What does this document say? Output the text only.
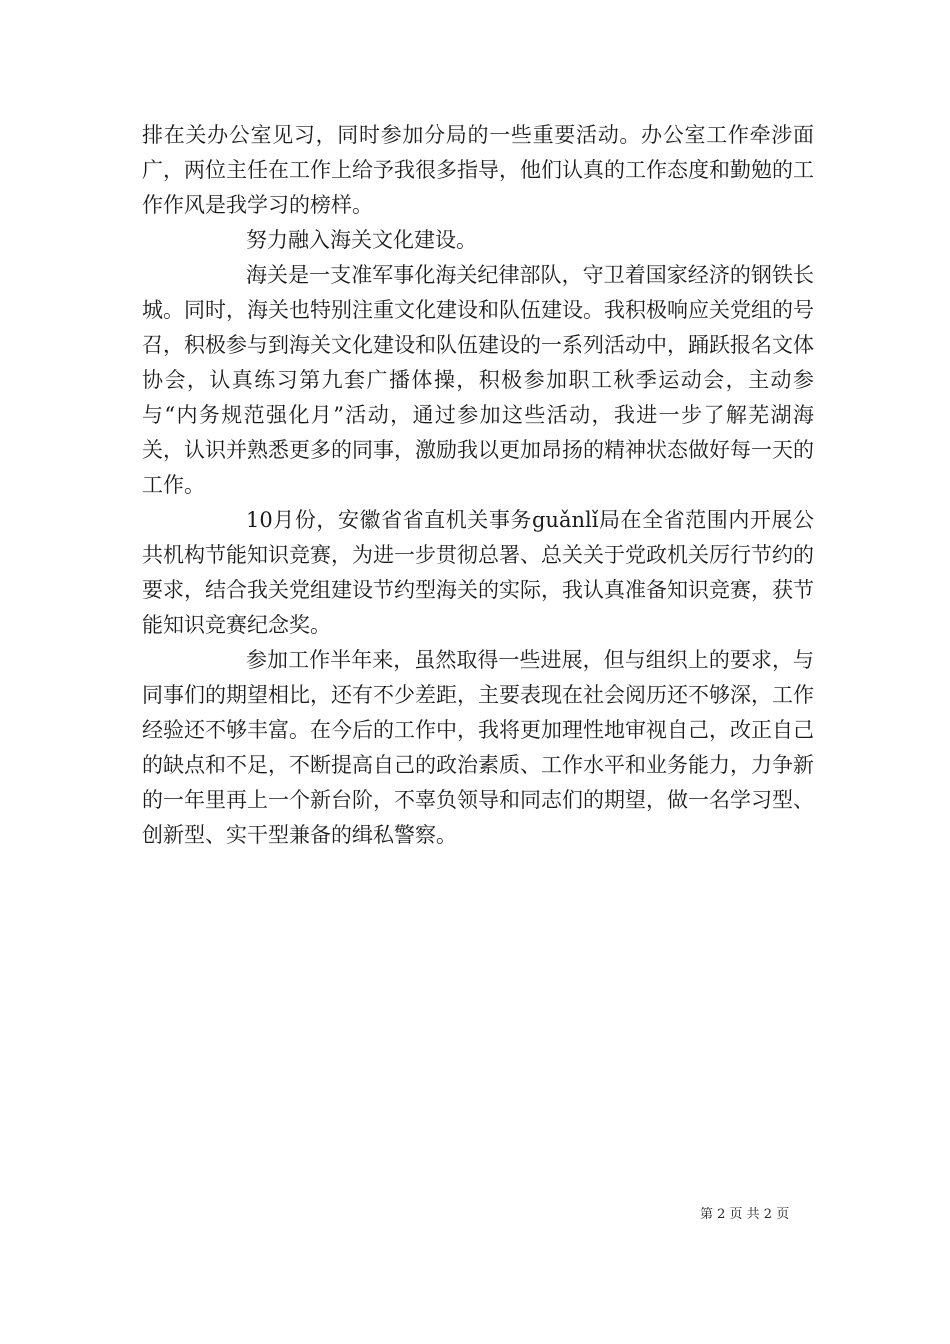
排在关办公室见习，同时参加分局的一些重要活动。办公室工作牵涉面广，两位主任在工作上给予我很多指导，他们认真的工作态度和勤勉的工作作风是我学习的榜样。

努力融入海关文化建设。

海关是一支准军事化海关纪律部队，守卫着国家经济的钢铁长城。同时，海关也特别注重文化建设和队伍建设。我积极响应关党组的号召，积极参与到海关文化建设和队伍建设的一系列活动中，踊跃报名文体协会，认真练习第九套广播体操，积极参加职工秋季运动会，主动参与“内务规范强化月”活动，通过参加这些活动，我进一步了解芜湖海关，认识并熟悉更多的同事，激励我以更加昂扬的精神状态做好每一天的工作。

10月份，安徽省省直机关事务guǎnlǐ局在全省范围内开展公共机构节能知识竞赛，为进一步贯彻总署、总关关于党政机关厉行节约的要求，结合我关党组建设节约型海关的实际，我认真准备知识竞赛，获节能知识竞赛纪念奖。

参加工作半年来，虽然取得一些进展，但与组织上的要求，与同事们的期望相比，还有不少差距，主要表现在社会阅历还不够深，工作经验还不够丰富。在今后的工作中，我将更加理性地审视自己，改正自己的缺点和不足，不断提高自己的政治素质、工作水平和业务能力，力争新的一年里再上一个新台阶，不辜负领导和同志们的期望，做一名学习型、创新型、实干型兼备的缉私警察。

第 2 页 共 2 页
